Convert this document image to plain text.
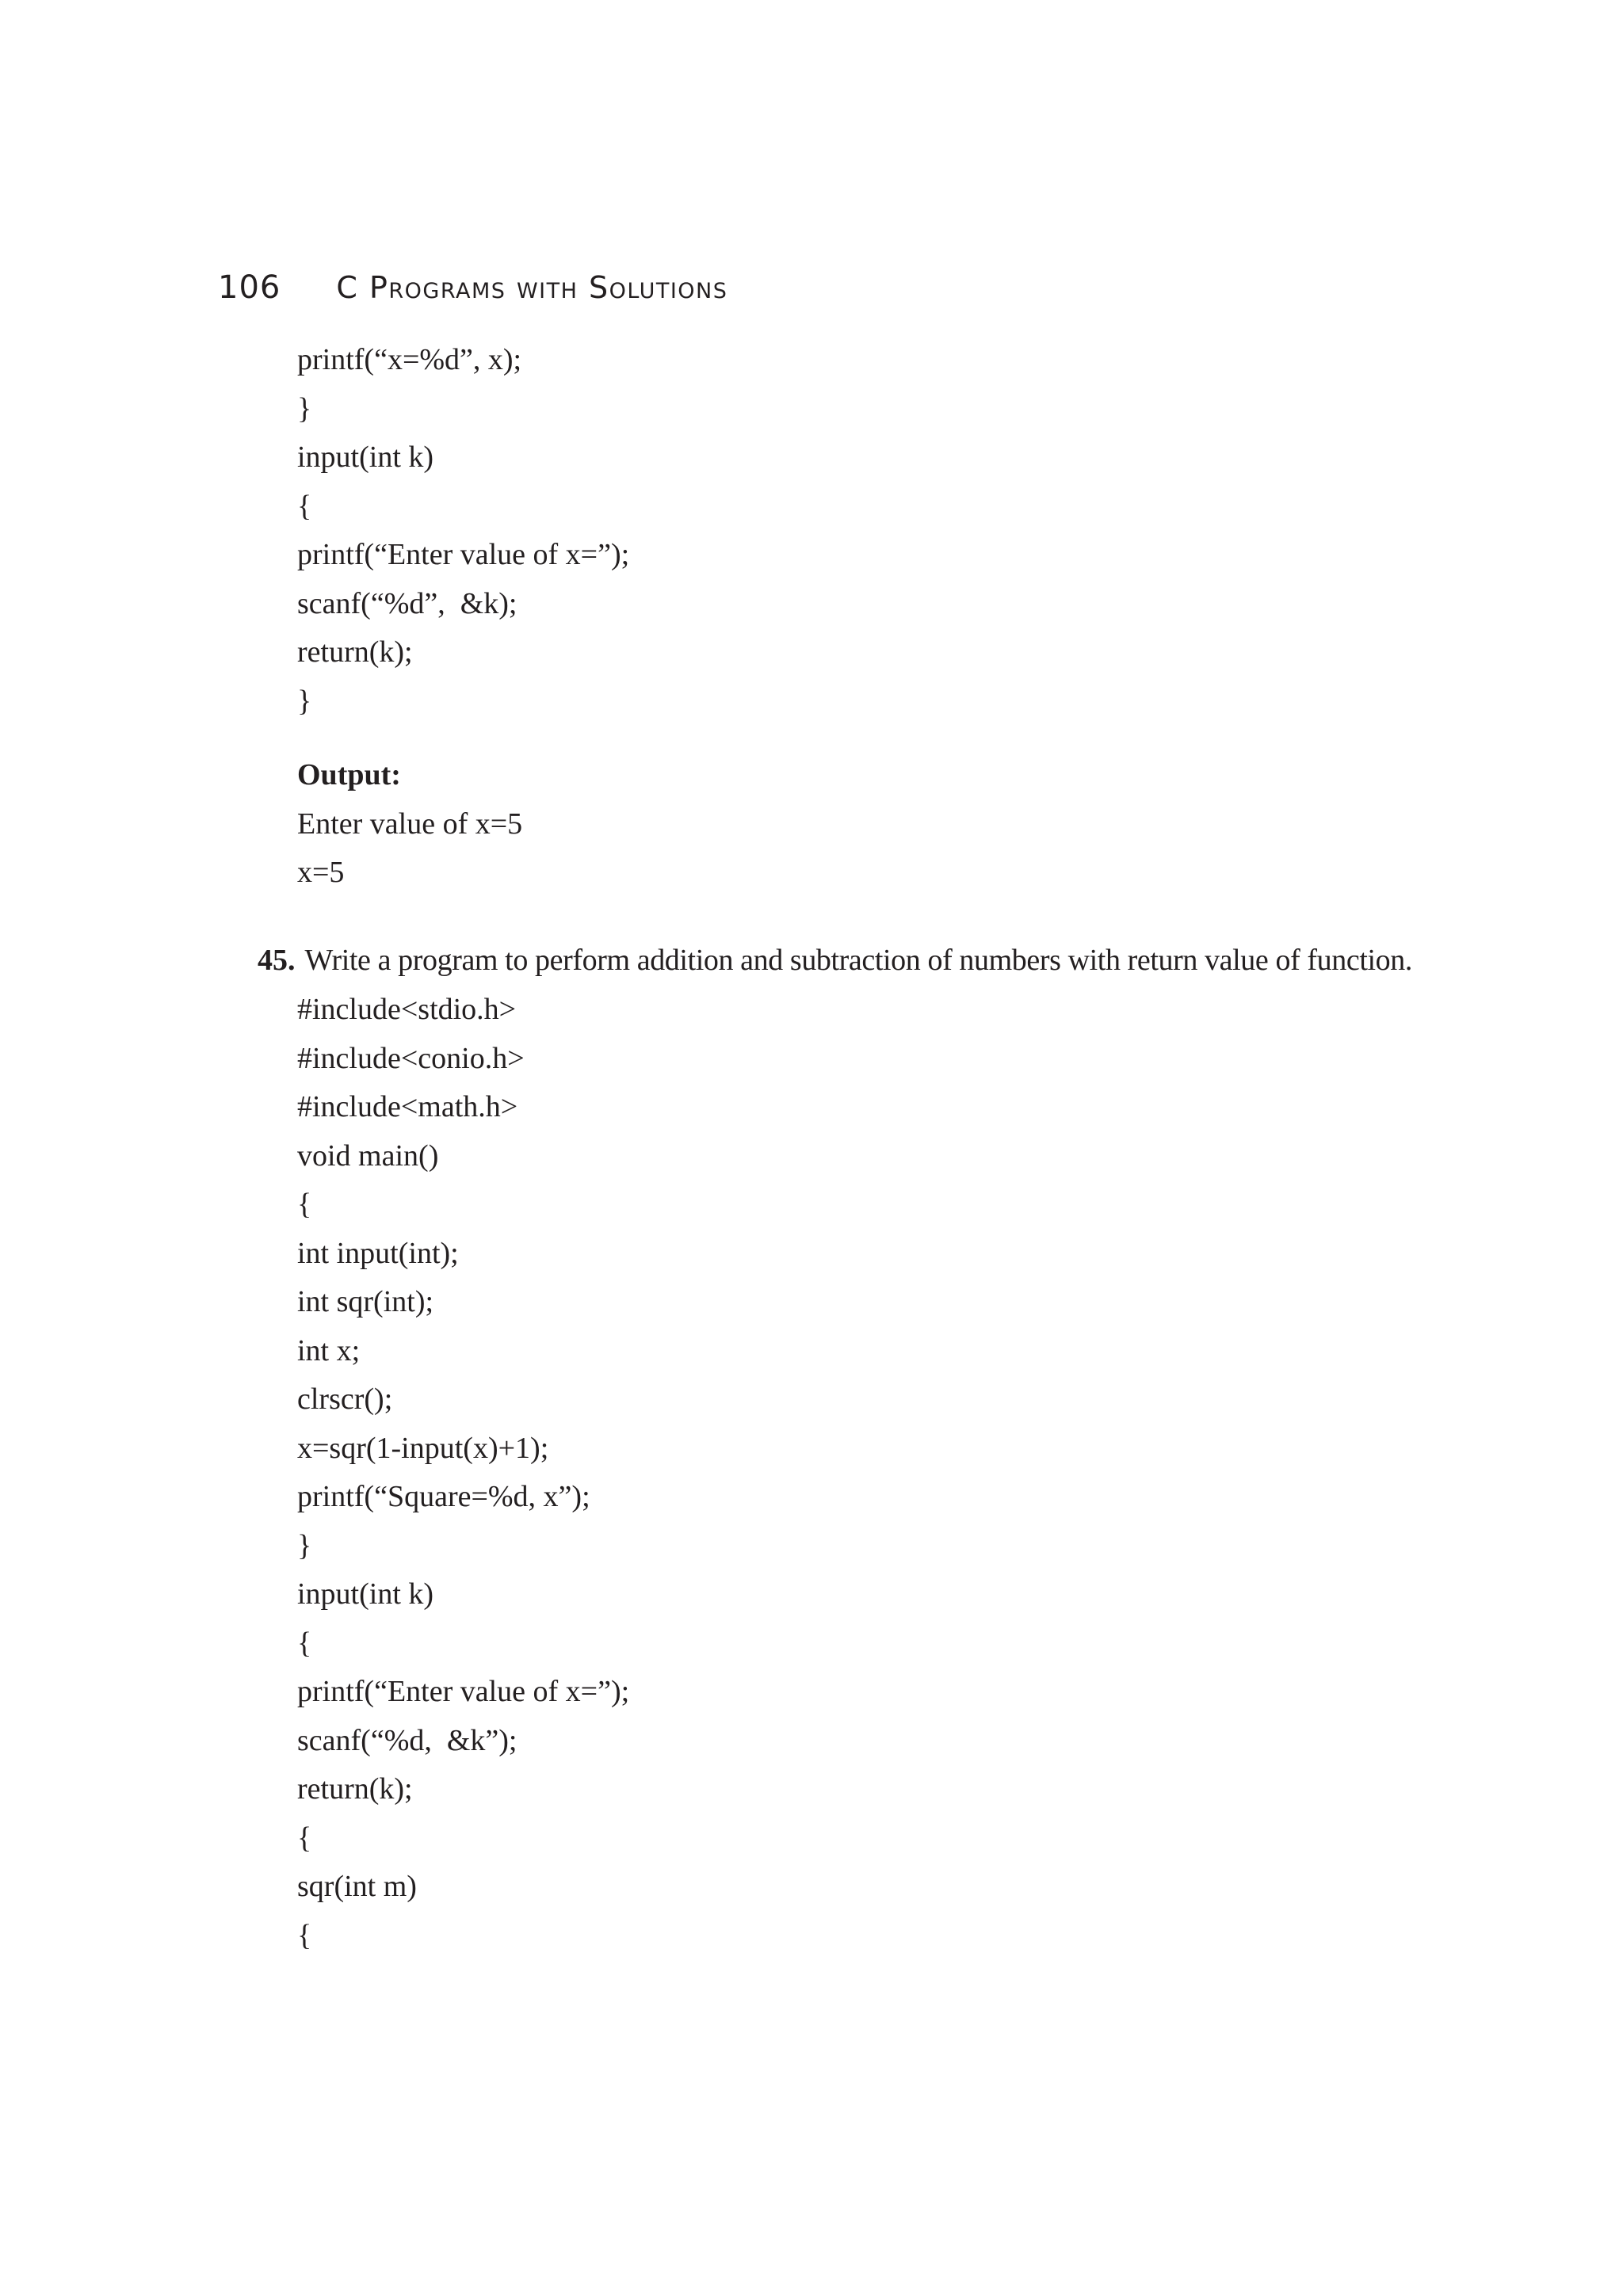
106 C Programs with Solutions
printf(“x=%d”, x);
}
input(int k)
{
printf(“Enter value of x=”);
scanf(“%d”,  &k);
return(k);
}
Output:
Enter value of x=5
x=5
45. Write a program to perform addition and subtraction of numbers with return value of function.
#include<stdio.h>
#include<conio.h>
#include<math.h>
void main()
{
int input(int);
int sqr(int);
int x;
clrscr();
x=sqr(1-input(x)+1);
printf(“Square=%d, x”);
}
input(int k)
{
printf(“Enter value of x=”);
scanf(“%d,  &k”);
return(k);
{
sqr(int m)
{
